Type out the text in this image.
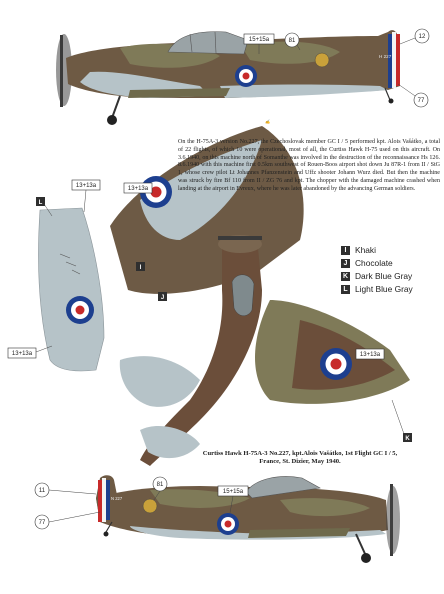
H 227
81
12
77
15+15a
✍
L
13+13a
13+13a
I
J
K
13+13a
13+13a
N 227
11
81
77
15+15a

On the H-75A-3 version No.227, the Czechoslovak member GC I / 5 performed kpt. Alois Vašátko, a total of 22 flights, of which 10 were operational, most of all, the Curtiss Hawk H-75 used on this aircraft. On 3.6.1940, on this machine north of Somanthe was involved in the destruction of the reconnaissance Hs 126. 8.6.1940 with this machine first 0.5km southwest of Rouen-Boos airport shot down Ju 87R-1 from II / StG 1, whose crew pilot Lt Johannes Pfanzenstein and Uffz shooter Johann Wurz died. But then the machine was struck by fire Bf 110 from II / ZG 76 and kpt. The chopper with the damaged machine crashed when landing at the airport in Evreux, where he was later abandoned by the advancing German soldiers.

I	Khaki
J Chocolate
K Dark Blue Gray
L Light Blue Gray

Curtiss Hawk H-75A-3 No.227, kpt.Alois Vašátko, 1st Flight GC I / 5, France, St. Dizier, May 1940.
